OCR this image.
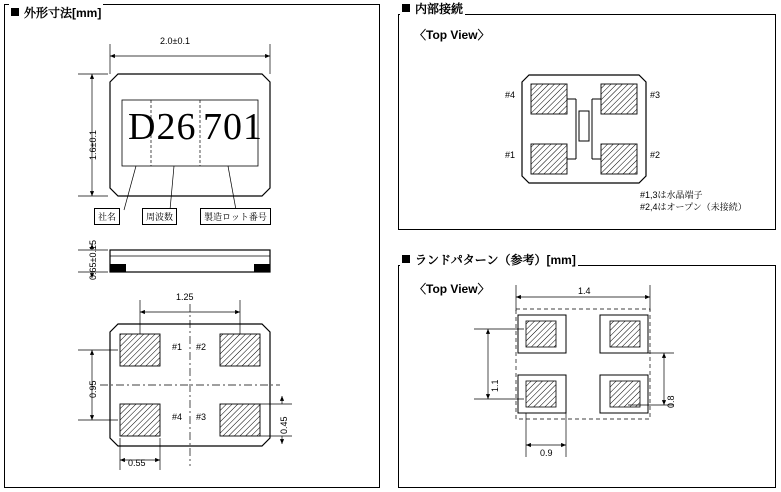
外形寸法[mm]
2.0±0.1
1.6±0.1
0.65±0.15
D26 701
社名	周波数	製造ロット番号
1.25
0.95
0.45
0.55
#1 #2
#4 #3
内部接続
〈Top View〉
#4	#3
#1	#2
#1,3は水晶端子
#2,4はオープン（未接続）
ランドパターン（参考）[mm]
〈Top View〉	1.4
1.1
0.8
0.9
